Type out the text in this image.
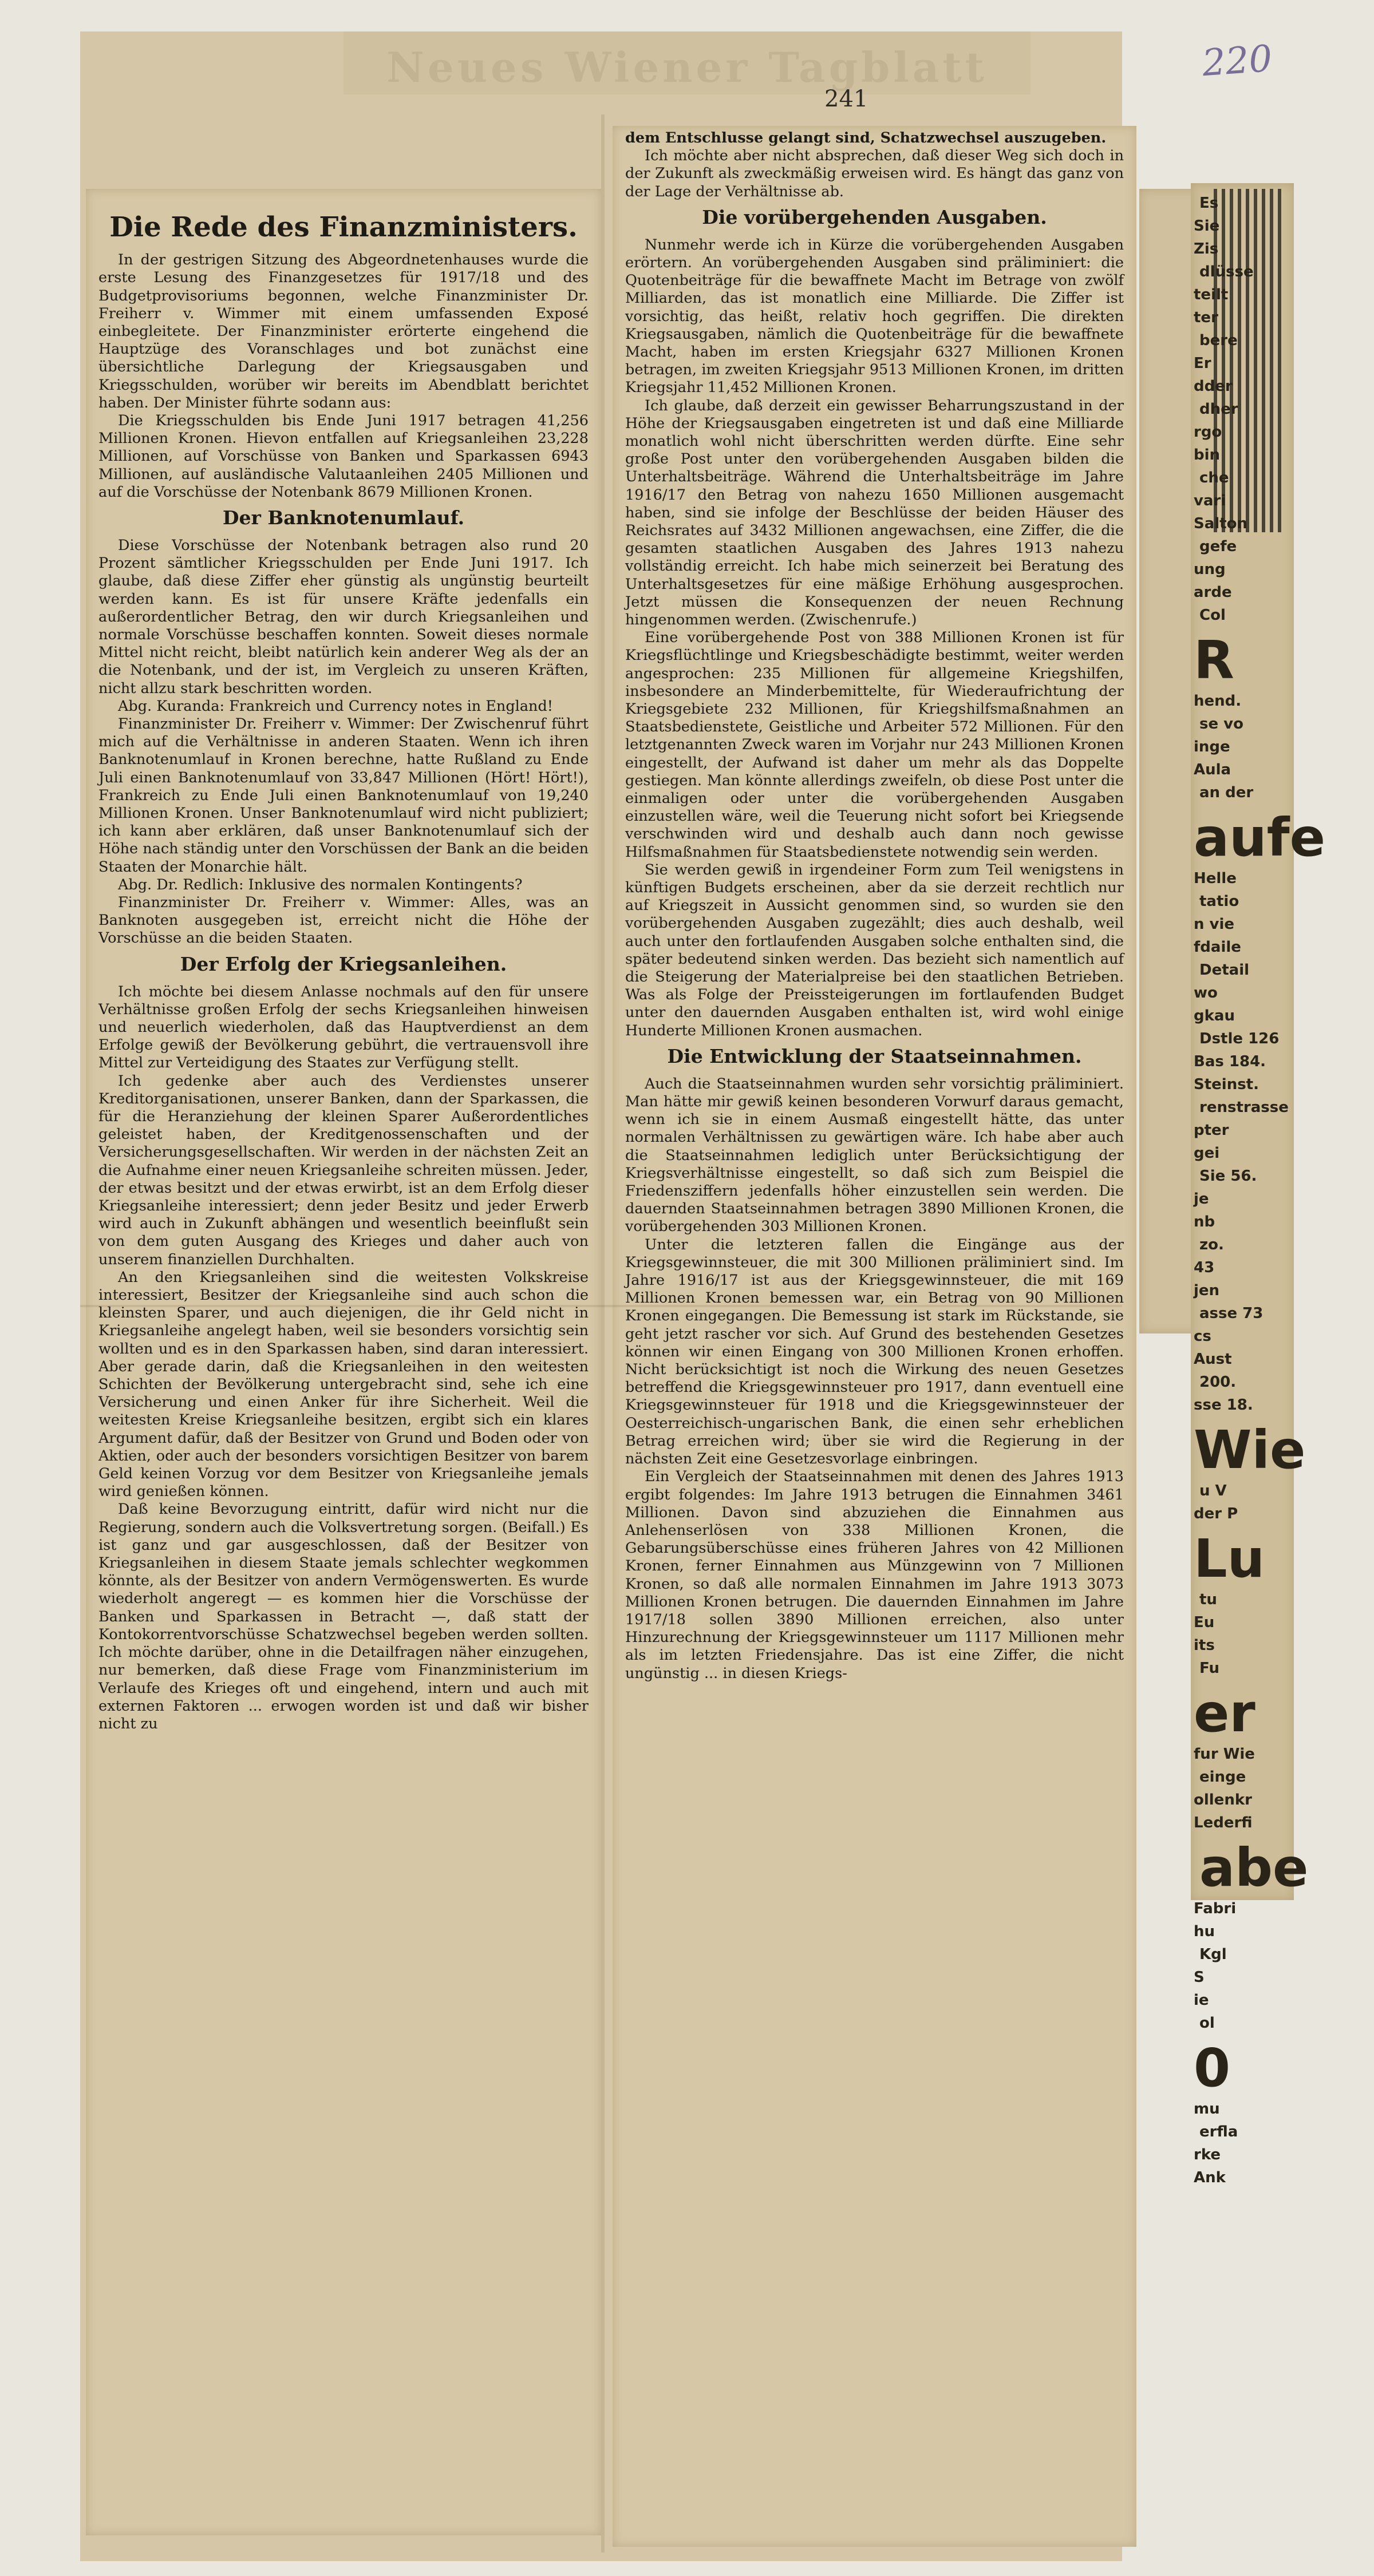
220
Neues Wiener Tagblatt
241
Die Rede des Finanzministers.

In der gestrigen Sitzung des Abgeordnetenhauses wurde die erste Lesung des Finanzgesetzes für 1917/18 und des Budgetprovisoriums begonnen, welche Finanzminister Dr. Freiherr v. Wimmer mit einem umfassenden Exposé einbegleitete. Der Finanzminister erörterte eingehend die Hauptzüge des Voranschlages und bot zunächst eine übersichtliche Darlegung der Kriegsausgaben und Kriegsschulden, worüber wir bereits im Abendblatt berichtet haben. Der Minister führte sodann aus:

Die Kriegsschulden bis Ende Juni 1917 betragen 41,256 Millionen Kronen. Hievon entfallen auf Kriegsanleihen 23,228 Millionen, auf Vorschüsse von Banken und Sparkassen 6943 Millionen, auf ausländische Valutaanleihen 2405 Millionen und auf die Vorschüsse der Notenbank 8679 Millionen Kronen.

Der Banknotenumlauf.

Diese Vorschüsse der Notenbank betragen also rund 20 Prozent sämtlicher Kriegsschulden per Ende Juni 1917. Ich glaube, daß diese Ziffer eher günstig als ungünstig beurteilt werden kann. Es ist für unsere Kräfte jedenfalls ein außerordentlicher Betrag, den wir durch Kriegsanleihen und normale Vorschüsse beschaffen konnten. Soweit dieses normale Mittel nicht reicht, bleibt natürlich kein anderer Weg als der an die Notenbank, und der ist, im Vergleich zu unseren Kräften, nicht allzu stark beschritten worden.

Abg. Kuranda: Frankreich und Currency notes in England!

Finanzminister Dr. Freiherr v. Wimmer: Der Zwischenruf führt mich auf die Verhältnisse in anderen Staaten. Wenn ich ihren Banknotenumlauf in Kronen berechne, hatte Rußland zu Ende Juli einen Banknotenumlauf von 33,847 Millionen (Hört! Hört!), Frankreich zu Ende Juli einen Banknotenumlauf von 19,240 Millionen Kronen. Unser Banknotenumlauf wird nicht publiziert; ich kann aber erklären, daß unser Banknotenumlauf sich der Höhe nach ständig unter den Vorschüssen der Bank an die beiden Staaten der Monarchie hält.

Abg. Dr. Redlich: Inklusive des normalen Kontingents?

Finanzminister Dr. Freiherr v. Wimmer: Alles, was an Banknoten ausgegeben ist, erreicht nicht die Höhe der Vorschüsse an die beiden Staaten.

Der Erfolg der Kriegsanleihen.

Ich möchte bei diesem Anlasse nochmals auf den für unsere Verhältnisse großen Erfolg der sechs Kriegsanleihen hinweisen und neuerlich wiederholen, daß das Hauptverdienst an dem Erfolge gewiß der Bevölkerung gebührt, die vertrauensvoll ihre Mittel zur Verteidigung des Staates zur Verfügung stellt.

Ich gedenke aber auch des Verdienstes unserer Kreditorganisationen, unserer Banken, dann der Sparkassen, die für die Heranziehung der kleinen Sparer Außerordentliches geleistet haben, der Kreditgenossenschaften und der Versicherungsgesellschaften. Wir werden in der nächsten Zeit an die Aufnahme einer neuen Kriegsanleihe schreiten müssen. Jeder, der etwas besitzt und der etwas erwirbt, ist an dem Erfolg dieser Kriegsanleihe interessiert; denn jeder Besitz und jeder Erwerb wird auch in Zukunft abhängen und wesentlich beeinflußt sein von dem guten Ausgang des Krieges und daher auch von unserem finanziellen Durchhalten.

An den Kriegsanleihen sind die weitesten Volkskreise interessiert, Besitzer der Kriegsanleihe sind auch schon die kleinsten Sparer, und auch diejenigen, die ihr Geld nicht in Kriegsanleihe angelegt haben, weil sie besonders vorsichtig sein wollten und es in den Sparkassen haben, sind daran interessiert. Aber gerade darin, daß die Kriegsanleihen in den weitesten Schichten der Bevölkerung untergebracht sind, sehe ich eine Versicherung und einen Anker für ihre Sicherheit. Weil die weitesten Kreise Kriegsanleihe besitzen, ergibt sich ein klares Argument dafür, daß der Besitzer von Grund und Boden oder von Aktien, oder auch der besonders vorsichtigen Besitzer von barem Geld keinen Vorzug vor dem Besitzer von Kriegsanleihe jemals wird genießen können.

Daß keine Bevorzugung eintritt, dafür wird nicht nur die Regierung, sondern auch die Volksvertretung sorgen. (Beifall.) Es ist ganz und gar ausgeschlossen, daß der Besitzer von Kriegsanleihen in diesem Staate jemals schlechter wegkommen könnte, als der Besitzer von andern Vermögenswerten. Es wurde wiederholt angeregt — es kommen hier die Vorschüsse der Banken und Sparkassen in Betracht —, daß statt der Kontokorrentvorschüsse Schatzwechsel begeben werden sollten. Ich möchte darüber, ohne in die Detailfragen näher einzugehen, nur bemerken, daß diese Frage vom Finanzministerium im Verlaufe des Krieges oft und eingehend, intern und auch mit externen Faktoren ... erwogen worden ist und daß wir bisher nicht zu

dem Entschlusse gelangt sind, Schatzwechsel auszugeben.

Ich möchte aber nicht absprechen, daß dieser Weg sich doch in der Zukunft als zweckmäßig erweisen wird. Es hängt das ganz von der Lage der Verhältnisse ab.

Die vorübergehenden Ausgaben.

Nunmehr werde ich in Kürze die vorübergehenden Ausgaben erörtern. An vorübergehenden Ausgaben sind präliminiert: die Quotenbeiträge für die bewaffnete Macht im Betrage von zwölf Milliarden, das ist monatlich eine Milliarde. Die Ziffer ist vorsichtig, das heißt, relativ hoch gegriffen. Die direkten Kriegsausgaben, nämlich die Quotenbeiträge für die bewaffnete Macht, haben im ersten Kriegsjahr 6327 Millionen Kronen betragen, im zweiten Kriegsjahr 9513 Millionen Kronen, im dritten Kriegsjahr 11,452 Millionen Kronen.

Ich glaube, daß derzeit ein gewisser Beharrungszustand in der Höhe der Kriegsausgaben eingetreten ist und daß eine Milliarde monatlich wohl nicht überschritten werden dürfte. Eine sehr große Post unter den vorübergehenden Ausgaben bilden die Unterhaltsbeiträge. Während die Unterhaltsbeiträge im Jahre 1916/17 den Betrag von nahezu 1650 Millionen ausgemacht haben, sind sie infolge der Beschlüsse der beiden Häuser des Reichsrates auf 3432 Millionen angewachsen, eine Ziffer, die die gesamten staatlichen Ausgaben des Jahres 1913 nahezu vollständig erreicht. Ich habe mich seinerzeit bei Beratung des Unterhaltsgesetzes für eine mäßige Erhöhung ausgesprochen. Jetzt müssen die Konsequenzen der neuen Rechnung hingenommen werden. (Zwischenrufe.)

Eine vorübergehende Post von 388 Millionen Kronen ist für Kriegsflüchtlinge und Kriegsbeschädigte bestimmt, weiter werden angesprochen: 235 Millionen für allgemeine Kriegshilfen, insbesondere an Minderbemittelte, für Wiederaufrichtung der Kriegsgebiete 232 Millionen, für Kriegshilfsmaßnahmen an Staatsbedienstete, Geistliche und Arbeiter 572 Millionen. Für den letztgenannten Zweck waren im Vorjahr nur 243 Millionen Kronen eingestellt, der Aufwand ist daher um mehr als das Doppelte gestiegen. Man könnte allerdings zweifeln, ob diese Post unter die einmaligen oder unter die vorübergehenden Ausgaben einzustellen wäre, weil die Teuerung nicht sofort bei Kriegsende verschwinden wird und deshalb auch dann noch gewisse Hilfsmaßnahmen für Staatsbedienstete notwendig sein werden.

Sie werden gewiß in irgendeiner Form zum Teil wenigstens in künftigen Budgets erscheinen, aber da sie derzeit rechtlich nur auf Kriegszeit in Aussicht genommen sind, so wurden sie den vorübergehenden Ausgaben zugezählt; dies auch deshalb, weil auch unter den fortlaufenden Ausgaben solche enthalten sind, die später bedeutend sinken werden. Das bezieht sich namentlich auf die Steigerung der Materialpreise bei den staatlichen Betrieben. Was als Folge der Preissteigerungen im fortlaufenden Budget unter den dauernden Ausgaben enthalten ist, wird wohl einige Hunderte Millionen Kronen ausmachen.

Die Entwicklung der Staatseinnahmen.

Auch die Staatseinnahmen wurden sehr vorsichtig präliminiert. Man hätte mir gewiß keinen besonderen Vorwurf daraus gemacht, wenn ich sie in einem Ausmaß eingestellt hätte, das unter normalen Verhältnissen zu gewärtigen wäre. Ich habe aber auch die Staatseinnahmen lediglich unter Berücksichtigung der Kriegsverhältnisse eingestellt, so daß sich zum Beispiel die Friedensziffern jedenfalls höher einzustellen sein werden. Die dauernden Staatseinnahmen betragen 3890 Millionen Kronen, die vorübergehenden 303 Millionen Kronen.

Unter die letzteren fallen die Eingänge aus der Kriegsgewinnsteuer, die mit 300 Millionen präliminiert sind. Im Jahre 1916/17 ist aus der Kriegsgewinnsteuer, die mit 169 Millionen Kronen bemessen war, ein Betrag von 90 Millionen Kronen eingegangen. Die Bemessung ist stark im Rückstande, sie geht jetzt rascher vor sich. Auf Grund des bestehenden Gesetzes können wir einen Eingang von 300 Millionen Kronen erhoffen. Nicht berücksichtigt ist noch die Wirkung des neuen Gesetzes betreffend die Kriegsgewinnsteuer pro 1917, dann eventuell eine Kriegsgewinnsteuer für 1918 und die Kriegsgewinnsteuer der Oesterreichisch-ungarischen Bank, die einen sehr erheblichen Betrag erreichen wird; über sie wird die Regierung in der nächsten Zeit eine Gesetzesvorlage einbringen.

Ein Vergleich der Staatseinnahmen mit denen des Jahres 1913 ergibt folgendes: Im Jahre 1913 betrugen die Einnahmen 3461 Millionen. Davon sind abzuziehen die Einnahmen aus Anlehenserlösen von 338 Millionen Kronen, die Gebarungsüberschüsse eines früheren Jahres von 42 Millionen Kronen, ferner Einnahmen aus Münzgewinn von 7 Millionen Kronen, so daß alle normalen Einnahmen im Jahre 1913 3073 Millionen Kronen betrugen. Die dauernden Einnahmen im Jahre 1917/18 sollen 3890 Millionen erreichen, also unter Hinzurechnung der Kriegsgewinnsteuer um 1117 Millionen mehr als im letzten Friedensjahre. Das ist eine Ziffer, die nicht ungünstig ... in diesen Kriegs-

Es
Sie
Zis
dlüsse
teilt
ter
bere
Er
dder
dher
rgo
bin
che
vari
Salton
gefe
ung
arde
Col
R
hend.
se vo
inge
Aula
an der
aufe
Helle
tatio
n vie
fdaile
Detail
wo
gkau
Dstle 126
Bas 184.
Steinst.
renstrasse
pter
gei
Sie 56.
je
nb
zo.
43
jen
asse 73
cs
Aust
200.
sse 18.
Wie
u V
der P
Lu
tu
Eu
its
Fu
er
fur Wie
einge
ollenkr
Lederfi
abe
Fabri
hu
Kgl
S
ie
ol
0
mu
erfla
rke
Ank
